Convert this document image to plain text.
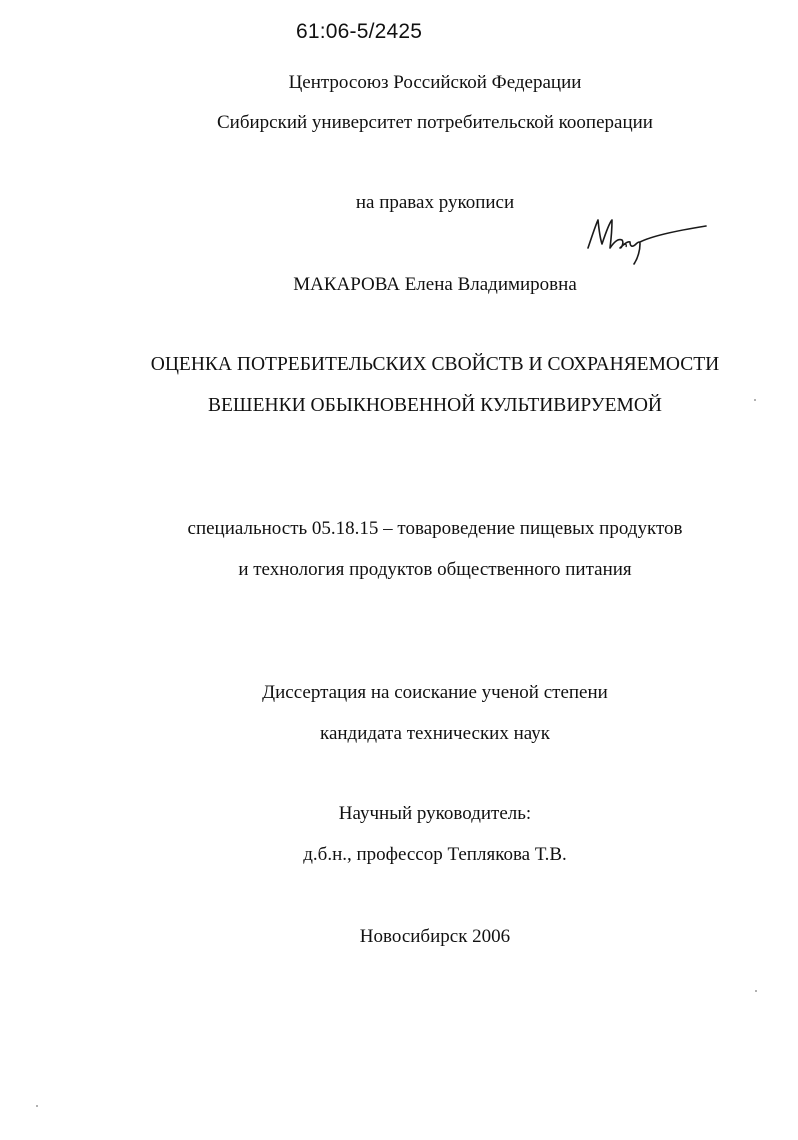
61:06-5/2425
Центросоюз Российской Федерации
Сибирский университет потребительской кооперации
на правах рукописи
МАКАРОВА Елена Владимировна
ОЦЕНКА ПОТРЕБИТЕЛЬСКИХ СВОЙСТВ И СОХРАНЯЕМОСТИ
ВЕШЕНКИ ОБЫКНОВЕННОЙ КУЛЬТИВИРУЕМОЙ
специальность 05.18.15 – товароведение пищевых продуктов
и технология продуктов общественного питания
Диссертация на соискание ученой степени
кандидата технических наук
Научный руководитель:
д.б.н., профессор Теплякова Т.В.
Новосибирск 2006
